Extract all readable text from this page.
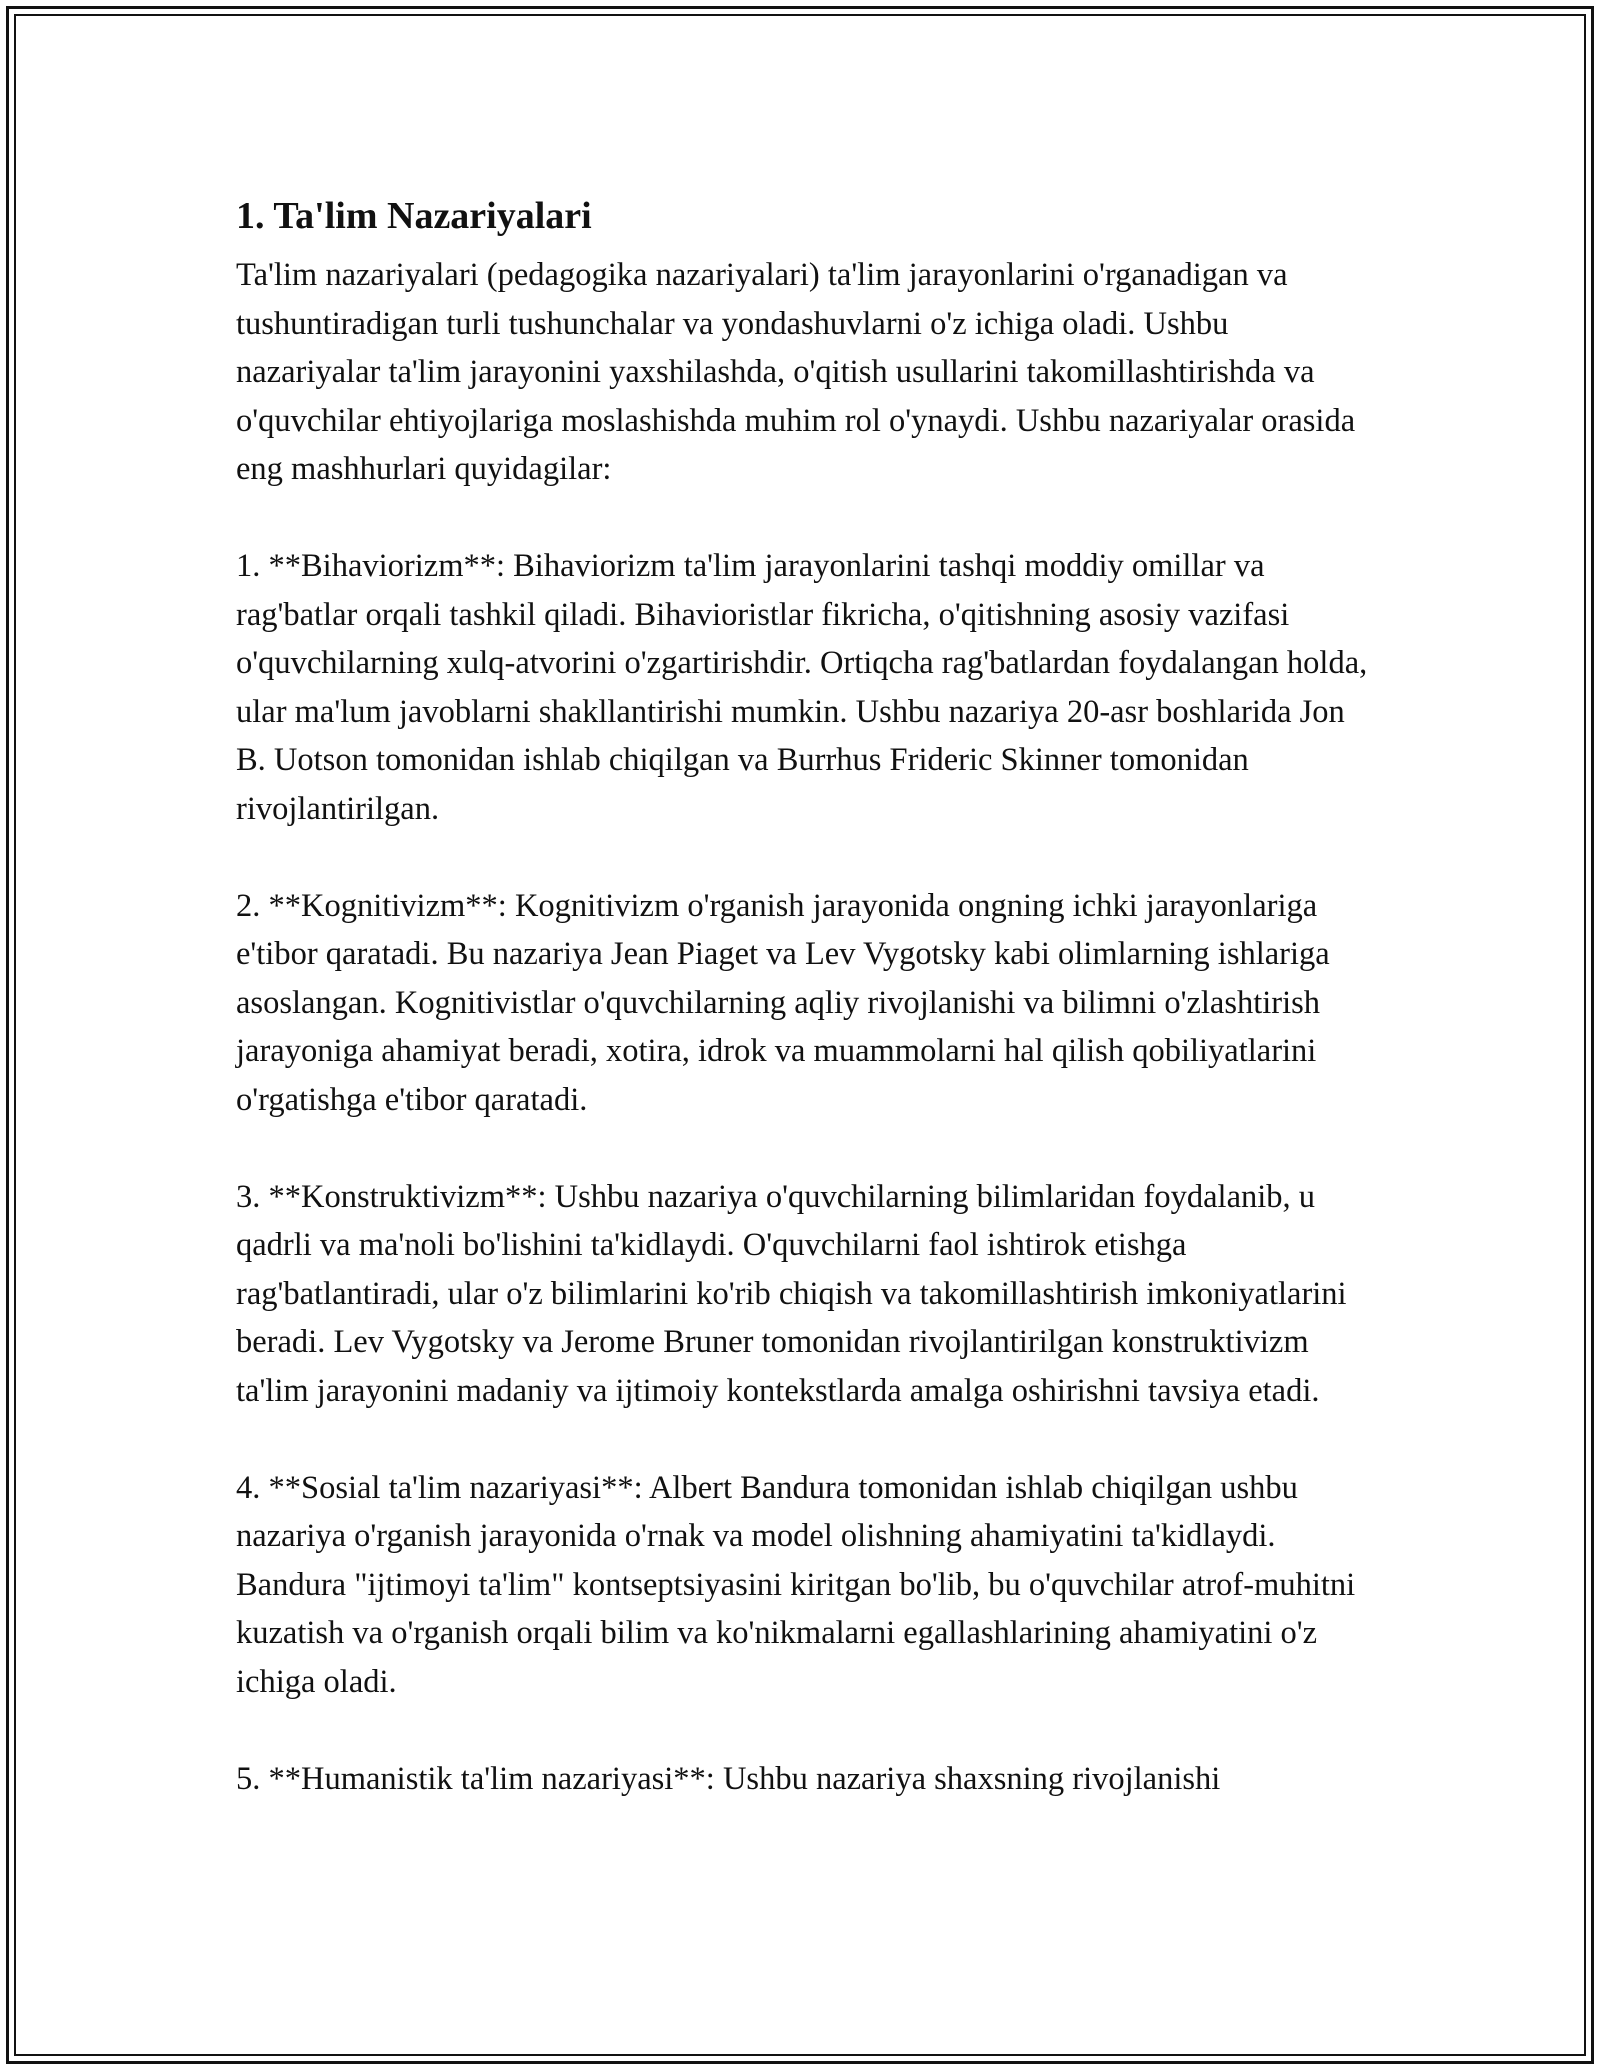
1. Ta'lim Nazariyalari

Ta'lim nazariyalari (pedagogika nazariyalari) ta'lim jarayonlarini o'rganadigan va tushuntiradigan turli tushunchalar va yondashuvlarni o'z ichiga oladi. Ushbu nazariyalar ta'lim jarayonini yaxshilashda, o'qitish usullarini takomillashtirishda va o'quvchilar ehtiyojlariga moslashishda muhim rol o'ynaydi. Ushbu nazariyalar orasida eng mashhurlari quyidagilar:

1. **Bihaviorizm**: Bihaviorizm ta'lim jarayonlarini tashqi moddiy omillar va rag'batlar orqali tashkil qiladi. Bihavioristlar fikricha, o'qitishning asosiy vazifasi o'quvchilarning xulq-atvorini o'zgartirishdir. Ortiqcha rag'batlardan foydalangan holda, ular ma'lum javoblarni shakllantirishi mumkin. Ushbu nazariya 20-asr boshlarida Jon B. Uotson tomonidan ishlab chiqilgan va Burrhus Frideric Skinner tomonidan rivojlantirilgan.

2. **Kognitivizm**: Kognitivizm o'rganish jarayonida ongning ichki jarayonlariga e'tibor qaratadi. Bu nazariya Jean Piaget va Lev Vygotsky kabi olimlarning ishlariga asoslangan. Kognitivistlar o'quvchilarning aqliy rivojlanishi va bilimni o'zlashtirish jarayoniga ahamiyat beradi, xotira, idrok va muammolarni hal qilish qobiliyatlarini o'rgatishga e'tibor qaratadi.

3. **Konstruktivizm**: Ushbu nazariya o'quvchilarning bilimlaridan foydalanib, u qadrli va ma'noli bo'lishini ta'kidlaydi. O'quvchilarni faol ishtirok etishga rag'batlantiradi, ular o'z bilimlarini ko'rib chiqish va takomillashtirish imkoniyatlarini beradi. Lev Vygotsky va Jerome Bruner tomonidan rivojlantirilgan konstruktivizm ta'lim jarayonini madaniy va ijtimoiy kontekstlarda amalga oshirishni tavsiya etadi.

4. **Sosial ta'lim nazariyasi**: Albert Bandura tomonidan ishlab chiqilgan ushbu nazariya o'rganish jarayonida o'rnak va model olishning ahamiyatini ta'kidlaydi. Bandura "ijtimoyi ta'lim" kontseptsiyasini kiritgan bo'lib, bu o'quvchilar atrof-muhitni kuzatish va o'rganish orqali bilim va ko'nikmalarni egallashlarining ahamiyatini o'z ichiga oladi.

5. **Humanistik ta'lim nazariyasi**: Ushbu nazariya shaxsning rivojlanishi
